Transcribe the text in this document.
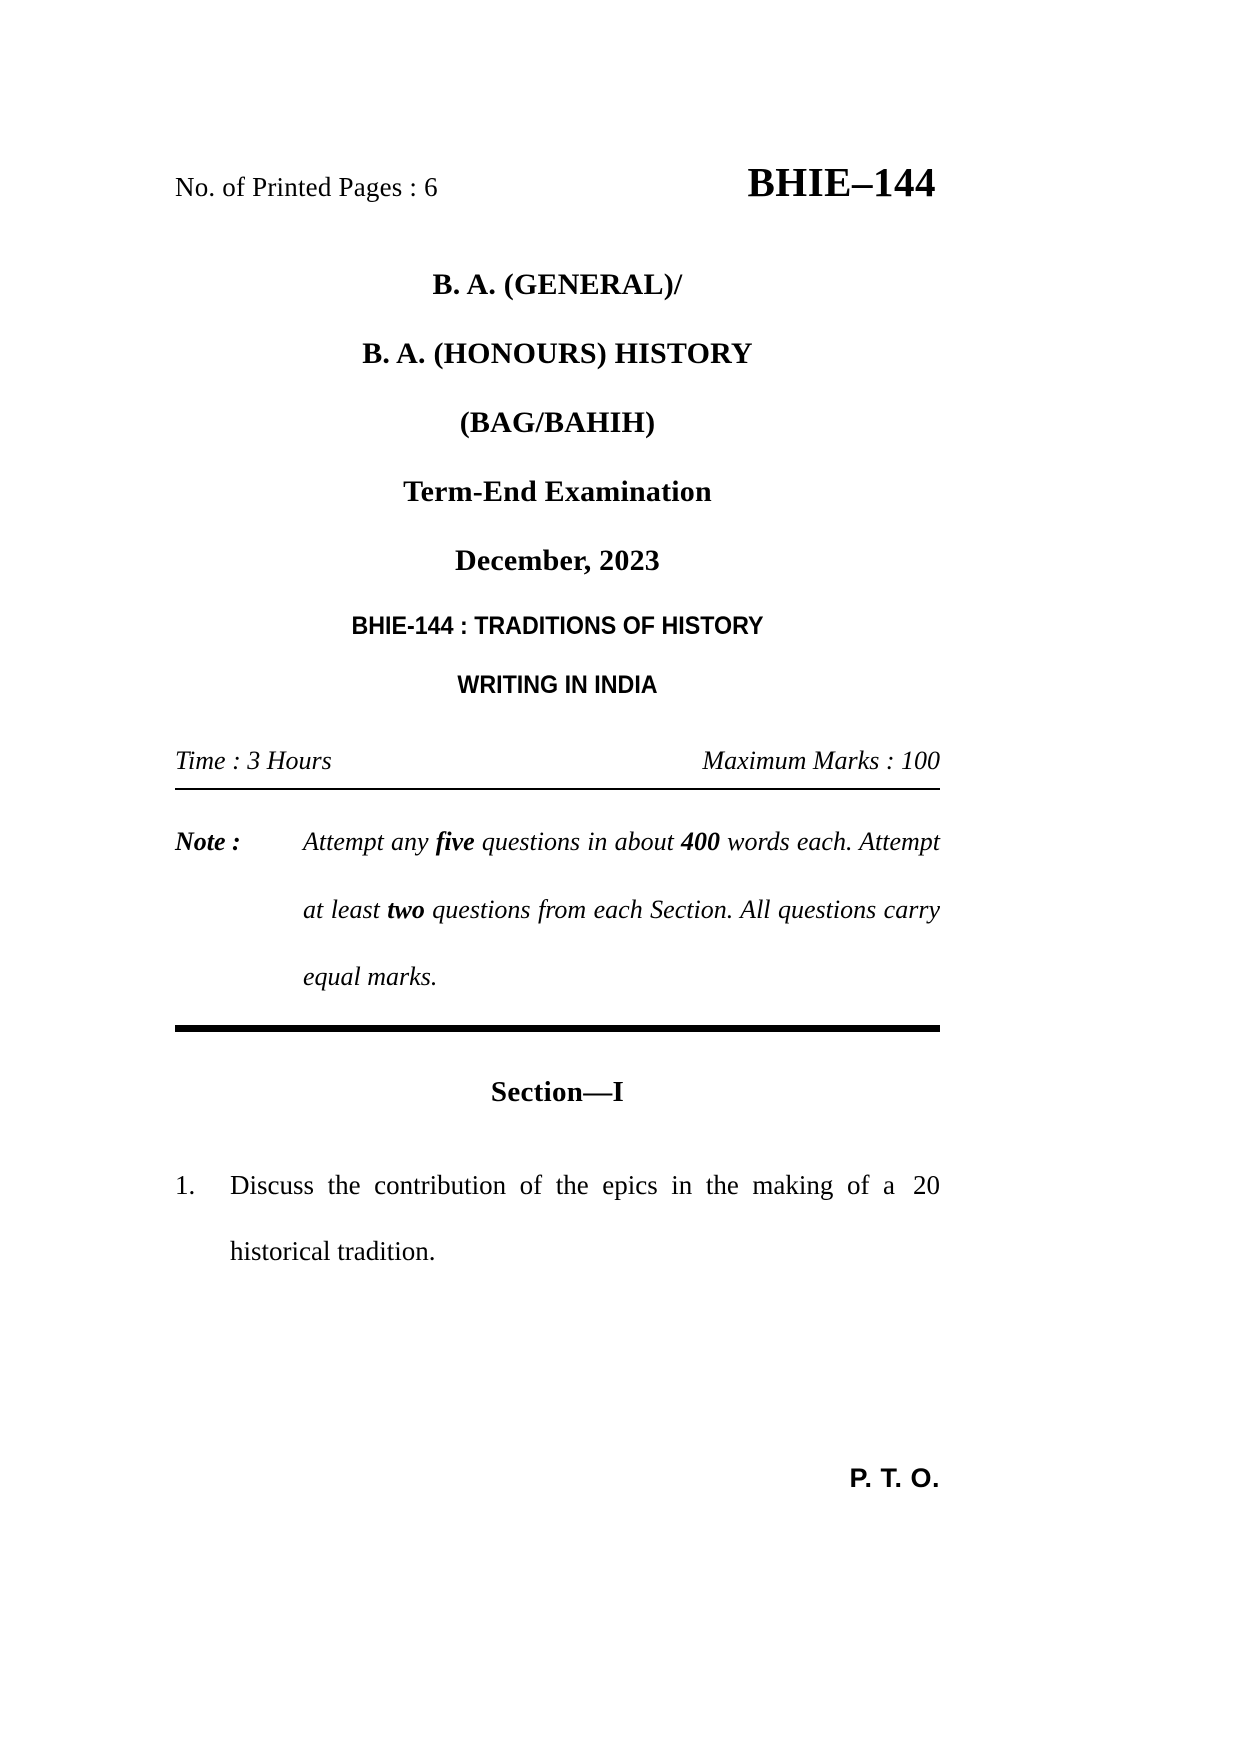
No. of Printed Pages : 6	BHIE–144
B. A. (GENERAL)/
B. A. (HONOURS) HISTORY
(BAG/BAHIH)
Term-End Examination
December, 2023
BHIE-144 : TRADITIONS OF HISTORY
WRITING IN INDIA
Time : 3 Hours	Maximum Marks : 100
Note : Attempt any five questions in about 400 words each. Attempt at least two questions from each Section. All questions carry equal marks.
Section—I
1.	20
Discuss the contribution of the epics in the making of a historical tradition.
P. T. O.
